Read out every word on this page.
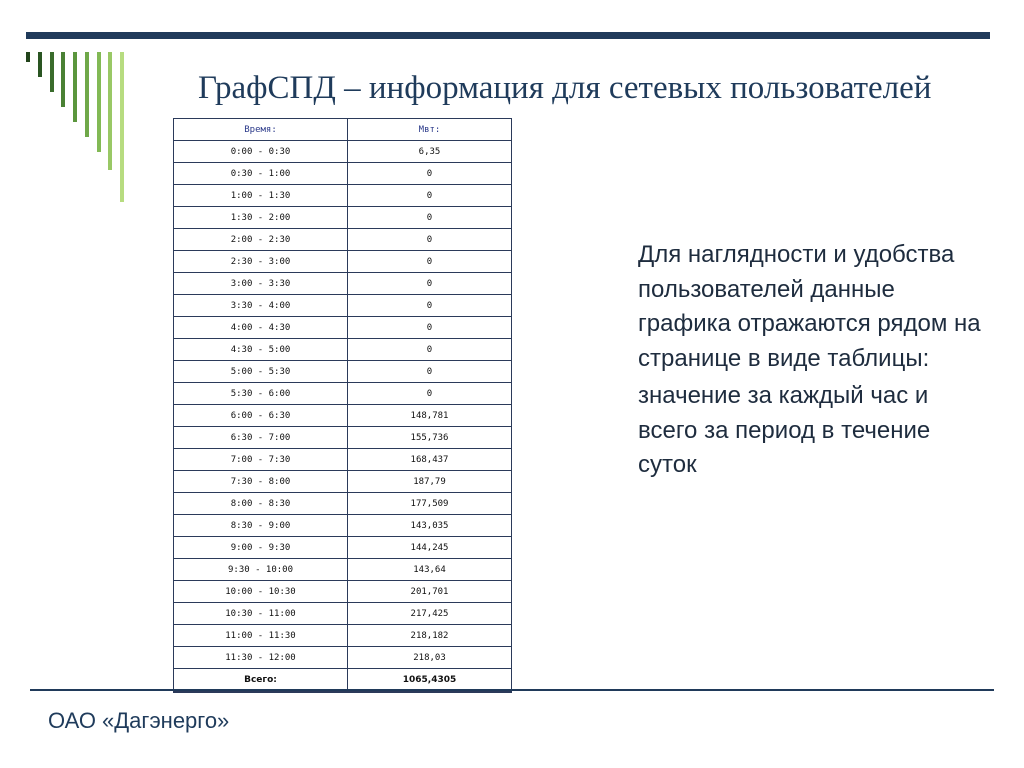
ГрафСПД – информация для сетевых пользователей
Время:	Мвт:
0:00 - 0:30	6,35
0:30 - 1:00	0
1:00 - 1:30	0
1:30 - 2:00	0
2:00 - 2:30	0
2:30 - 3:00	0
3:00 - 3:30	0
3:30 - 4:00	0
4:00 - 4:30	0
4:30 - 5:00	0
5:00 - 5:30	0
5:30 - 6:00	0
6:00 - 6:30	148,781
6:30 - 7:00	155,736
7:00 - 7:30	168,437
7:30 - 8:00	187,79
8:00 - 8:30	177,509
8:30 - 9:00	143,035
9:00 - 9:30	144,245
9:30 - 10:00	143,64
10:00 - 10:30	201,701
10:30 - 11:00	217,425
11:00 - 11:30	218,182
11:30 - 12:00	218,03
Всего:	1065,4305

Для наглядности и удобства пользователей данные графика отражаются рядом на странице в виде таблицы:

значение за каждый час и всего за период в течение суток

ОАО «Дагэнерго»
